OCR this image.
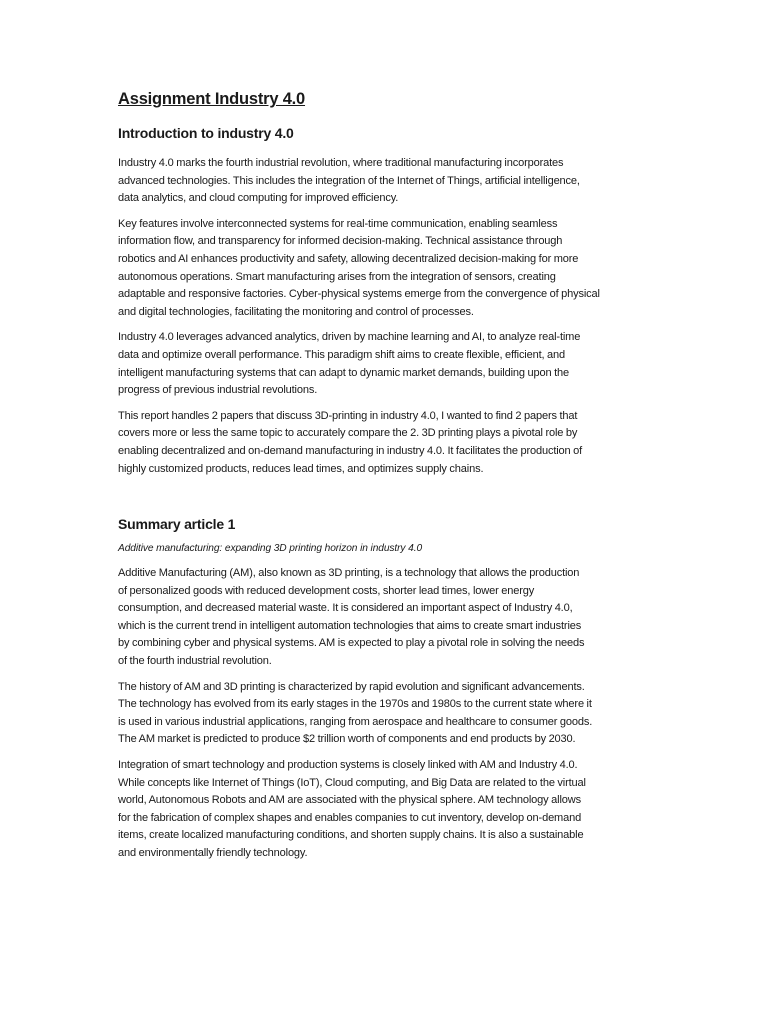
Assignment Industry 4.0
Introduction to industry 4.0

Industry 4.0 marks the fourth industrial revolution, where traditional manufacturing incorporates
advanced technologies. This includes the integration of the Internet of Things, artificial intelligence,
data analytics, and cloud computing for improved efficiency.

Key features involve interconnected systems for real-time communication, enabling seamless
information flow, and transparency for informed decision-making. Technical assistance through
robotics and AI enhances productivity and safety, allowing decentralized decision-making for more
autonomous operations. Smart manufacturing arises from the integration of sensors, creating
adaptable and responsive factories. Cyber-physical systems emerge from the convergence of physical
and digital technologies, facilitating the monitoring and control of processes.

Industry 4.0 leverages advanced analytics, driven by machine learning and AI, to analyze real-time
data and optimize overall performance. This paradigm shift aims to create flexible, efficient, and
intelligent manufacturing systems that can adapt to dynamic market demands, building upon the
progress of previous industrial revolutions.

This report handles 2 papers that discuss 3D-printing in industry 4.0, I wanted to find 2 papers that
covers more or less the same topic to accurately compare the 2. 3D printing plays a pivotal role by
enabling decentralized and on-demand manufacturing in industry 4.0. It facilitates the production of
highly customized products, reduces lead times, and optimizes supply chains.

Summary article 1
Additive manufacturing: expanding 3D printing horizon in industry 4.0

Additive Manufacturing (AM), also known as 3D printing, is a technology that allows the production
of personalized goods with reduced development costs, shorter lead times, lower energy
consumption, and decreased material waste. It is considered an important aspect of Industry 4.0,
which is the current trend in intelligent automation technologies that aims to create smart industries
by combining cyber and physical systems. AM is expected to play a pivotal role in solving the needs
of the fourth industrial revolution.

The history of AM and 3D printing is characterized by rapid evolution and significant advancements.
The technology has evolved from its early stages in the 1970s and 1980s to the current state where it
is used in various industrial applications, ranging from aerospace and healthcare to consumer goods.
The AM market is predicted to produce $2 trillion worth of components and end products by 2030.

Integration of smart technology and production systems is closely linked with AM and Industry 4.0.
While concepts like Internet of Things (IoT), Cloud computing, and Big Data are related to the virtual
world, Autonomous Robots and AM are associated with the physical sphere. AM technology allows
for the fabrication of complex shapes and enables companies to cut inventory, develop on-demand
items, create localized manufacturing conditions, and shorten supply chains. It is also a sustainable
and environmentally friendly technology.
